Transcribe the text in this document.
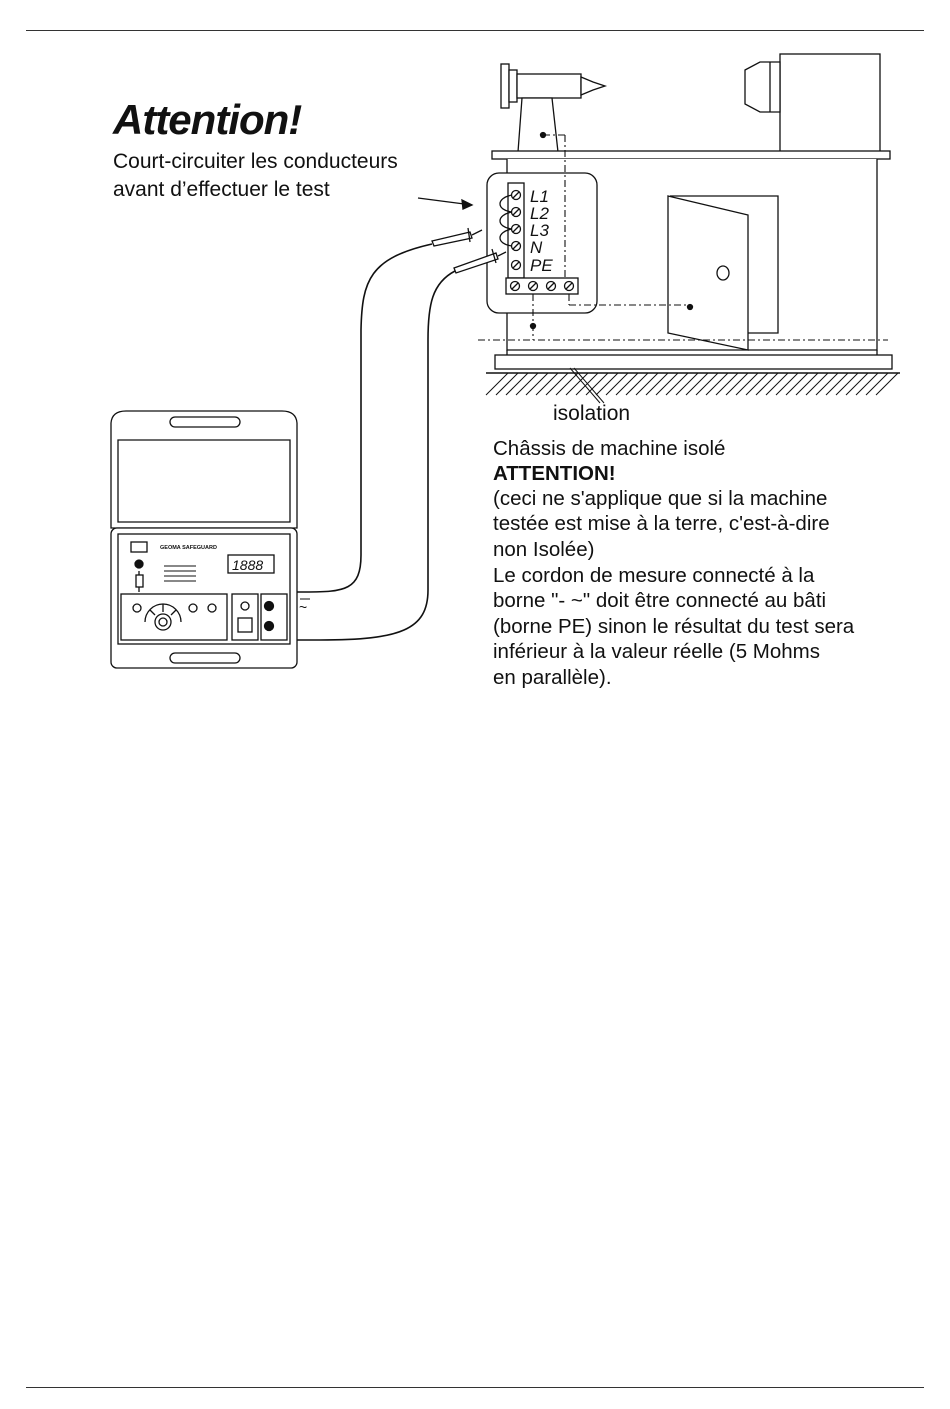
GEOMA SAFEGUARD
1888
~
L1
L2
L3
N
PE
Attention!
Court-circuiter les conducteurs
avant d’effectuer le test
isolation
Châssis de machine isolé
ATTENTION!
(ceci ne s'applique que si la machine
testée est mise à la terre, c'est-à-dire
non Isolée)
Le cordon de mesure connecté à la
borne "- ~" doit être connecté au bâti
(borne PE) sinon le résultat du test sera
inférieur à la valeur réelle (5 Mohms
en parallèle).
